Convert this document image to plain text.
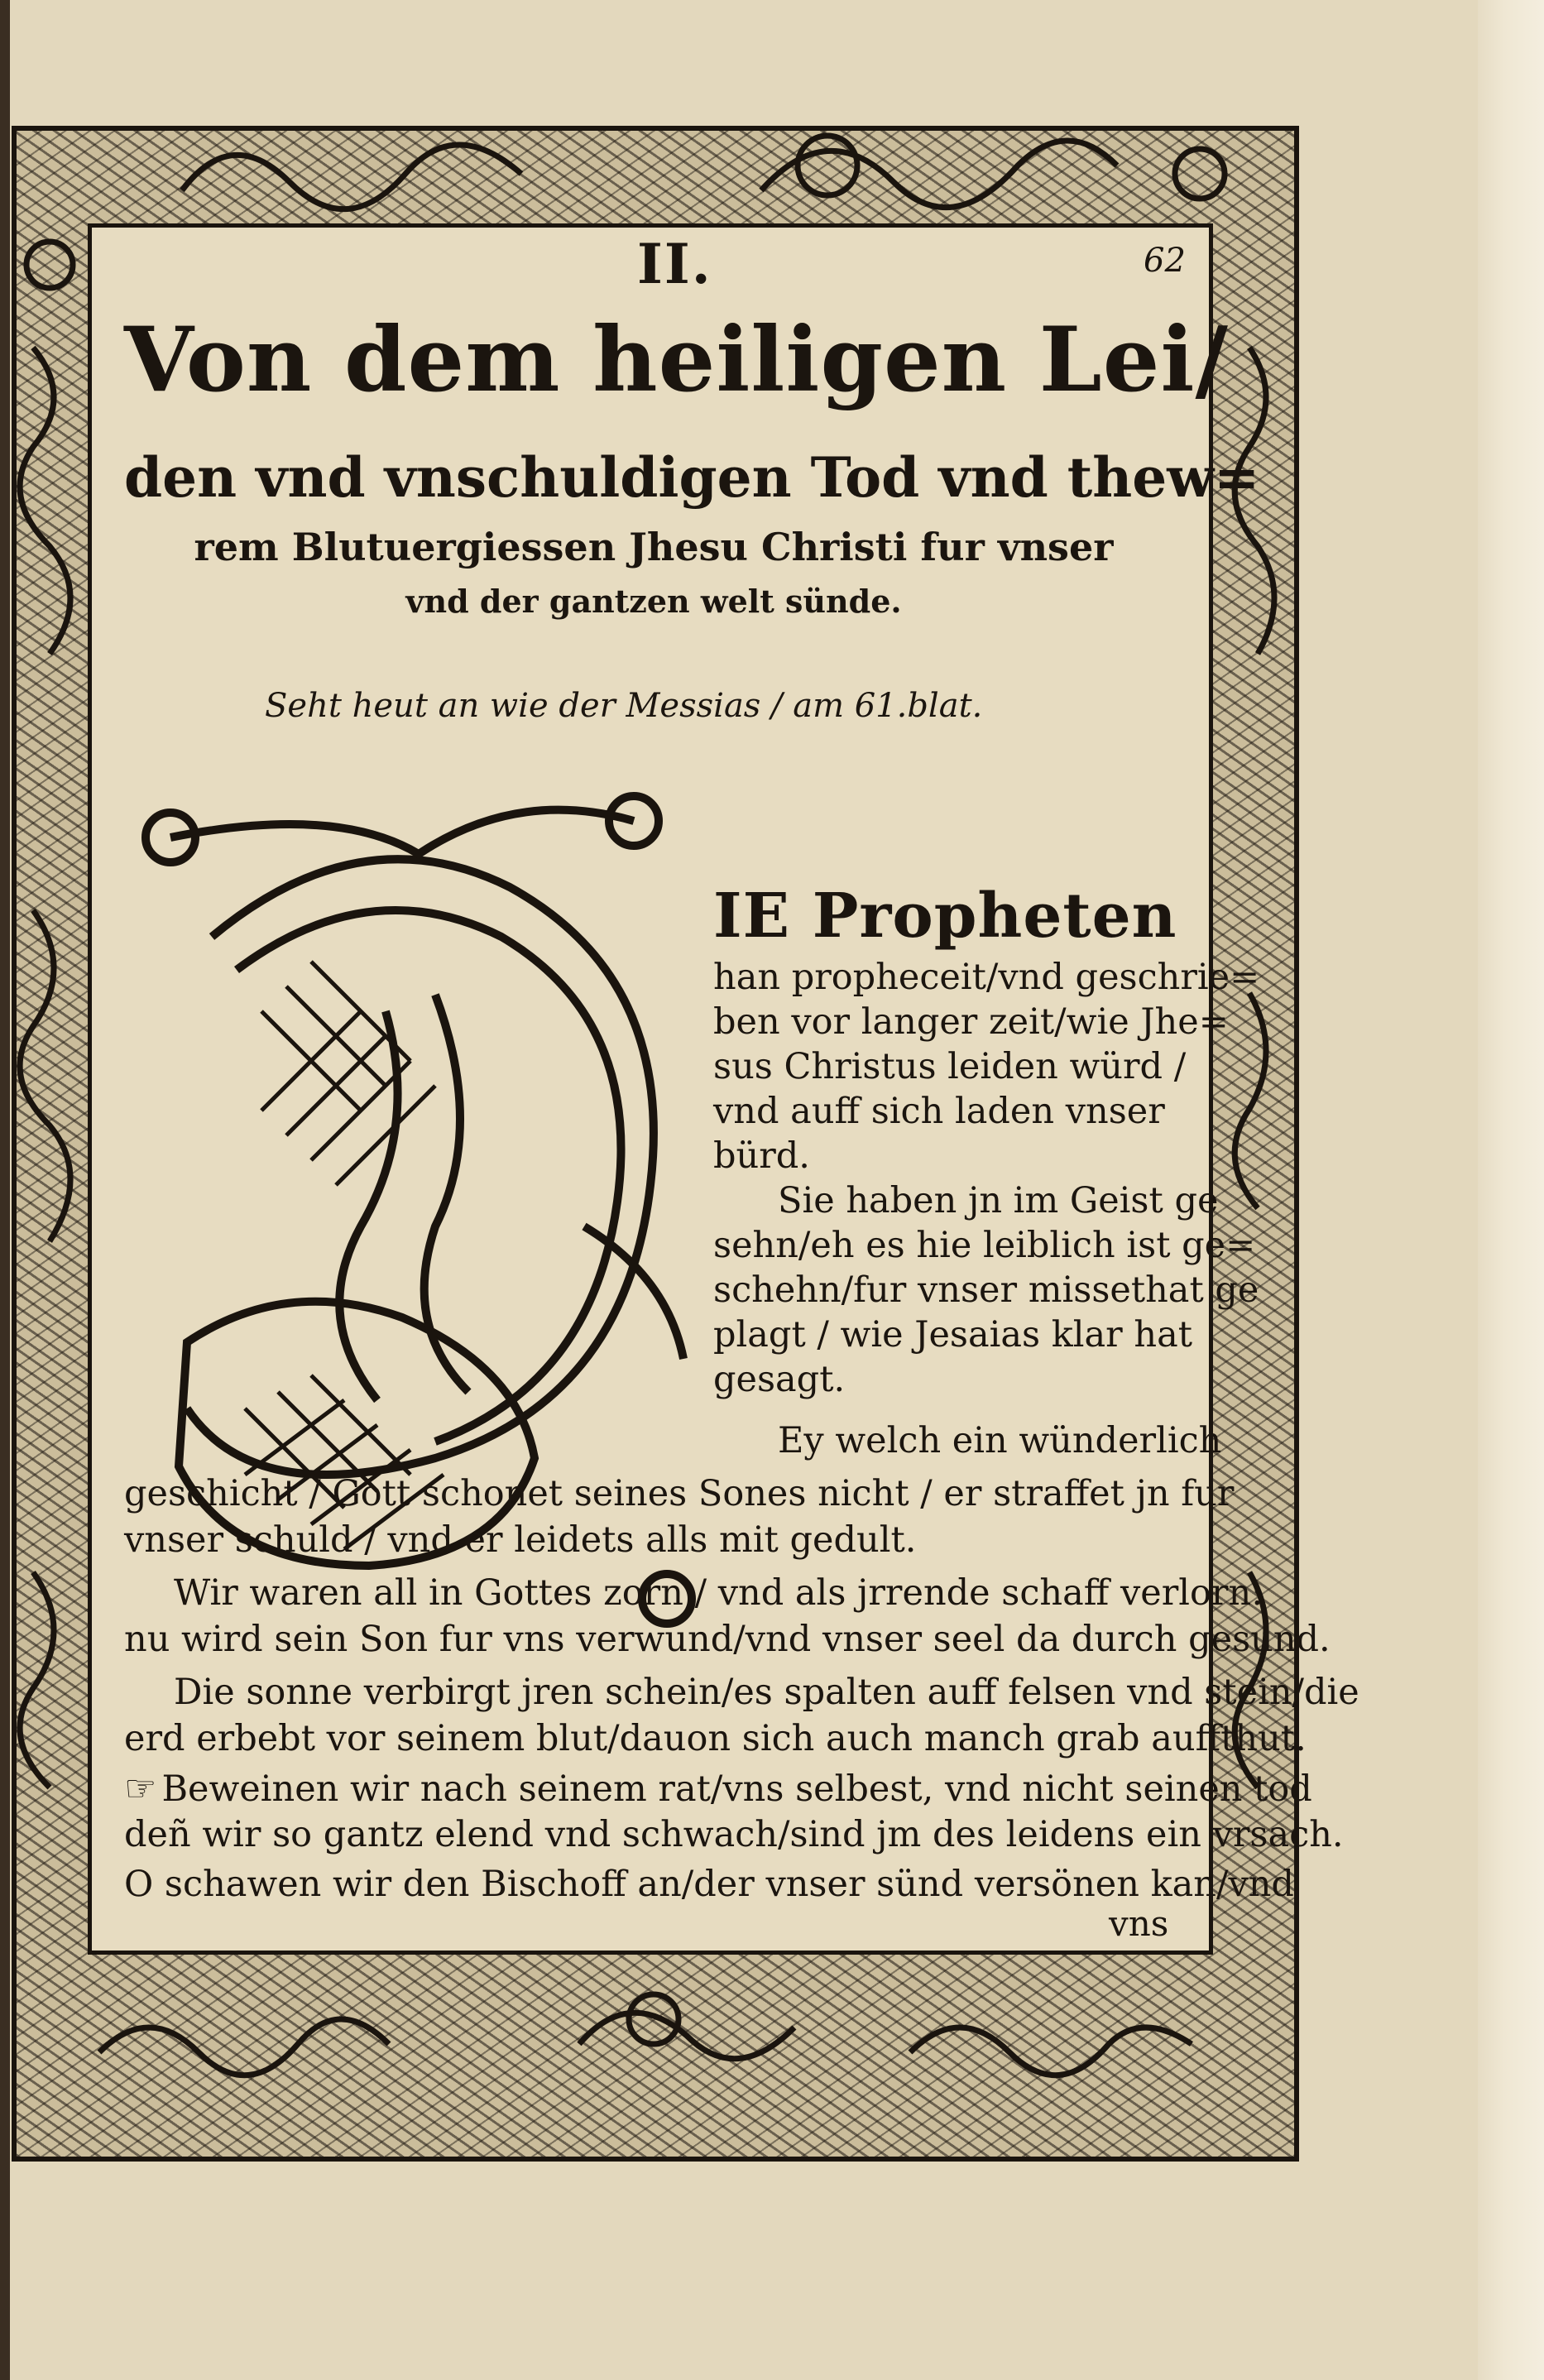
II.	62
Von dem heiligen Lei/
den vnd vnschuldigen Tod vnd thew=
rem Blutuergiessen Jhesu Christi fur vnser
vnd der gantzen welt sünde.
Seht heut an wie der Messias / am 61.blat.
IE Propheten
han propheceit/vnd geschrie=
ben vor langer zeit/wie Jhe=
sus Christus leiden würd /
vnd auff sich laden vnser
bürd.
Sie haben jn im Geist ge
sehn/eh es hie leiblich ist ge=
schehn/fur vnser missethat ge
plagt / wie Jesaias klar hat
gesagt.
Ey welch ein wünderlich
geschicht / Gott schonet seines Sones nicht / er straffet jn fur
vnser schuld / vnd er leidets alls mit gedult.
Wir waren all in Gottes zorn / vnd als jrrende schaff verlorn:
nu wird sein Son fur vns verwund/vnd vnser seel da durch gesund.
Die sonne verbirgt jren schein/es spalten auff felsen vnd stein/die
erd erbebt vor seinem blut/dauon sich auch manch grab auffthut.
☞ Beweinen wir nach seinem rat/vns selbest, vnd nicht seinen tod
deñ wir so gantz elend vnd schwach/sind jm des leidens ein vrsach.
O schawen wir den Bischoff an/der vnser sünd versönen kan/vnd
vns
